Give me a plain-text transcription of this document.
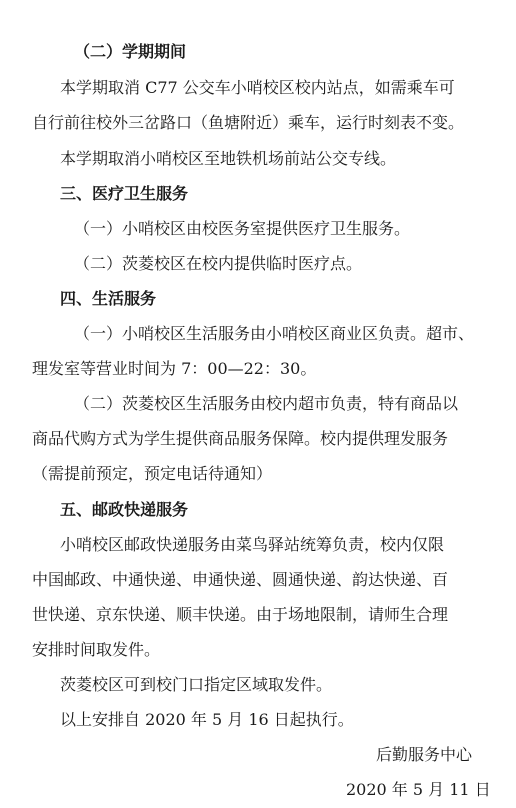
（二）学期期间

本学期取消 C77 公交车小哨校区校内站点，如需乘车可

自行前往校外三岔路口（鱼塘附近）乘车，运行时刻表不变。

本学期取消小哨校区至地铁机场前站公交专线。

三、医疗卫生服务

（一）小哨校区由校医务室提供医疗卫生服务。

（二）茨菱校区在校内提供临时医疗点。

四、生活服务

（一）小哨校区生活服务由小哨校区商业区负责。超市、

理发室等营业时间为 7：00—22：30。

（二）茨菱校区生活服务由校内超市负责，特有商品以

商品代购方式为学生提供商品服务保障。校内提供理发服务

（需提前预定，预定电话待通知）

五、邮政快递服务

小哨校区邮政快递服务由菜鸟驿站统筹负责，校内仅限

中国邮政、中通快递、申通快递、圆通快递、韵达快递、百

世快递、京东快递、顺丰快递。由于场地限制，请师生合理

安排时间取发件。

茨菱校区可到校门口指定区域取发件。

以上安排自 2020 年 5 月 16 日起执行。

后勤服务中心

2020 年 5 月 11 日
